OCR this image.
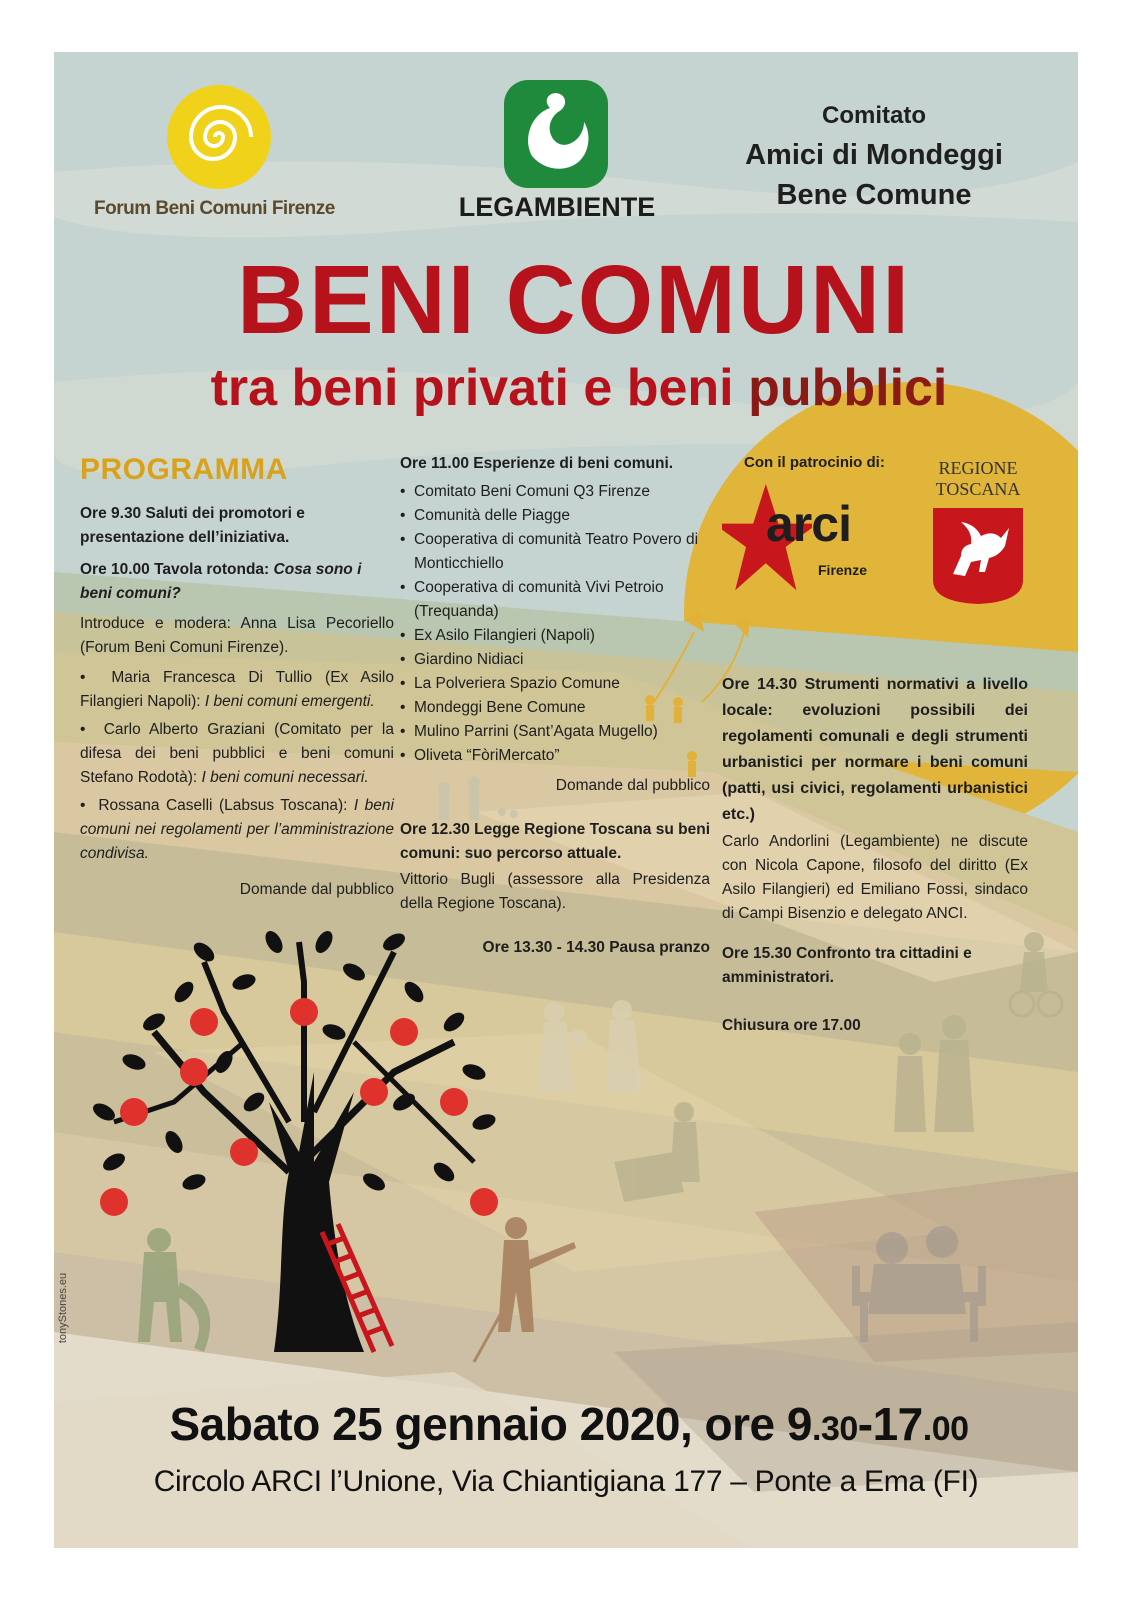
Forum Beni Comuni Firenze	LEGAMBIENTE
Comitato
Amici di Mondeggi
Bene Comune
BENI COMUNI
tra beni privati e beni pubblici
PROGRAMMA
Ore 9.30 Saluti dei promotori e presentazione dell’iniziativa.
Ore 10.00 Tavola rotonda: Cosa sono i beni comuni?
Introduce e modera: Anna Lisa Pecoriello (Forum Beni Comuni Firenze).
•  Maria Francesca Di Tullio (Ex Asilo Filangieri Napoli): I beni comuni emergenti.
•  Carlo Alberto Graziani (Comitato per la difesa dei beni pubblici e beni comuni Stefano Rodotà): I beni comuni necessari.
•  Rossana Caselli (Labsus Toscana): I beni comuni nei regolamenti per l’amministrazione condivisa.
Domande dal pubblico
Ore 11.00 Esperienze di beni comuni.
• Comitato Beni Comuni Q3 Firenze
• Comunità delle Piagge
• Cooperativa di comunità Teatro Povero di Monticchiello
• Cooperativa di comunità Vivi Petroio (Trequanda)
• Ex Asilo Filangieri (Napoli)
• Giardino Nidiaci
• La Polveriera Spazio Comune
• Mondeggi Bene Comune
• Mulino Parrini (Sant’Agata Mugello)
• Oliveta “FòriMercato”
Domande dal pubblico
Ore 12.30 Legge Regione Toscana su beni comuni: suo percorso attuale.
Vittorio Bugli (assessore alla Presidenza della Regione Toscana).
Ore 13.30 - 14.30 Pausa pranzo
Con il patrocinio di:
arci
Firenze
REGIONE
TOSCANA
Ore 14.30 Strumenti normativi a livello locale: evoluzioni possibili dei regolamenti comunali e degli strumenti urbanistici per normare i beni comuni (patti, usi civici, regolamenti urbanistici etc.)
Carlo Andorlini (Legambiente) ne discute con Nicola Capone, filosofo del diritto (Ex Asilo Filangieri) ed Emiliano Fossi, sindaco di Campi Bisenzio e delegato ANCI.
Ore 15.30 Confronto tra cittadini e amministratori.
Chiusura ore 17.00
Sabato 25 gennaio 2020, ore 9.30-17.00
Circolo ARCI l’Unione, Via Chiantigiana 177 – Ponte a Ema (FI)
tonyStones.eu
